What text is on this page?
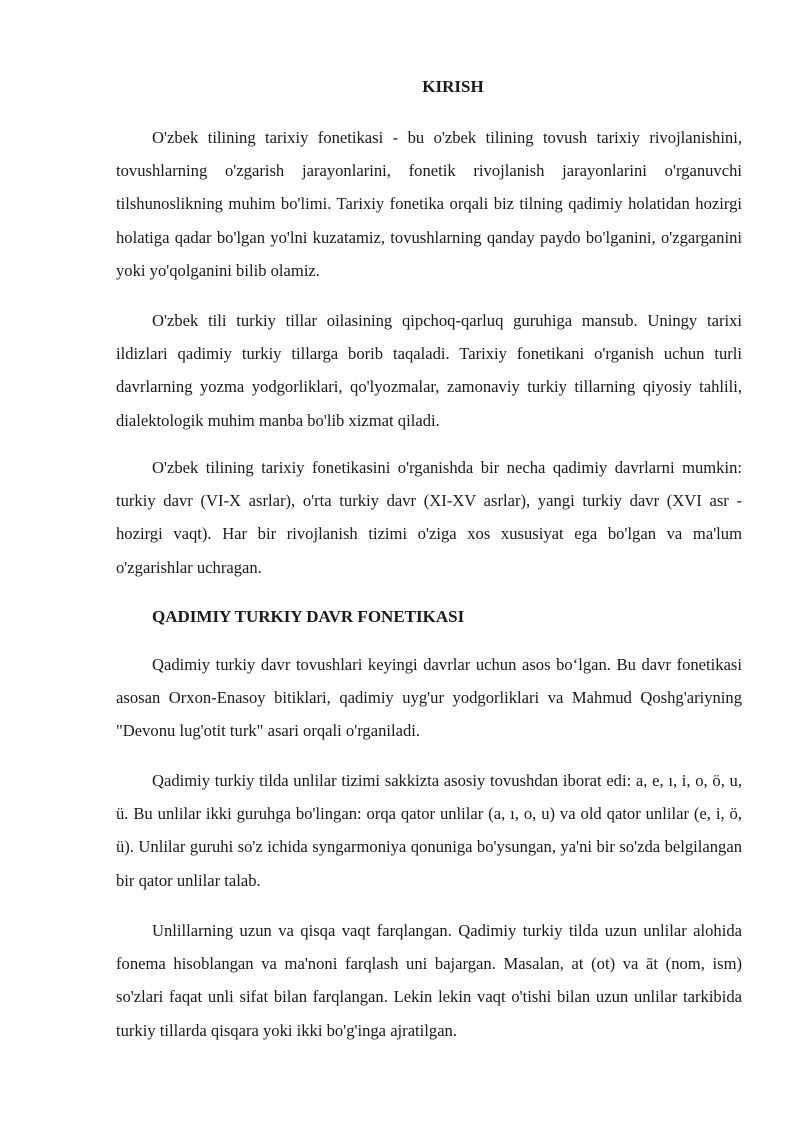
KIRISH

O'zbek tilining tarixiy fonetikasi - bu o'zbek tilining tovush tarixiy rivojlanishini, tovushlarning o'zgarish jarayonlarini, fonetik rivojlanish jarayonlarini o'rganuvchi tilshunoslikning muhim bo'limi. Tarixiy fonetika orqali biz tilning qadimiy holatidan hozirgi holatiga qadar bo'lgan yo'lni kuzatamiz, tovushlarning qanday paydo bo'lganini, o'zgarganini yoki yo'qolganini bilib olamiz.

O'zbek tili turkiy tillar oilasining qipchoq-qarluq guruhiga mansub. Uningy tarixi ildizlari qadimiy turkiy tillarga borib taqaladi. Tarixiy fonetikani o'rganish uchun turli davrlarning yozma yodgorliklari, qo'lyozmalar, zamonaviy turkiy tillarning qiyosiy tahlili, dialektologik muhim manba bo'lib xizmat qiladi.

O'zbek tilining tarixiy fonetikasini o'rganishda bir necha qadimiy davrlarni mumkin: turkiy davr (VI-X asrlar), o'rta turkiy davr (XI-XV asrlar), yangi turkiy davr (XVI asr - hozirgi vaqt). Har bir rivojlanish tizimi o'ziga xos xususiyat ega bo'lgan va ma'lum o'zgarishlar uchragan.

QADIMIY TURKIY DAVR FONETIKASI

Qadimiy turkiy davr tovushlari keyingi davrlar uchun asos bo‘lgan. Bu davr fonetikasi asosan Orxon-Enasoy bitiklari, qadimiy uyg'ur yodgorliklari va Mahmud Qoshg'ariyning "Devonu lug'otit turk" asari orqali o'rganiladi.

Qadimiy turkiy tilda unlilar tizimi sakkizta asosiy tovushdan iborat edi: a, e, ı, i, o, ö, u, ü. Bu unlilar ikki guruhga bo'lingan: orqa qator unlilar (a, ı, o, u) va old qator unlilar (e, i, ö, ü). Unlilar guruhi so'z ichida syngarmoniya qonuniga bo'ysungan, ya'ni bir so'zda belgilangan bir qator unlilar talab.

Unlillarning uzun va qisqa vaqt farqlangan. Qadimiy turkiy tilda uzun unlilar alohida fonema hisoblangan va ma'noni farqlash uni bajargan. Masalan, at (ot) va āt (nom, ism) so'zlari faqat unli sifat bilan farqlangan. Lekin lekin vaqt o'tishi bilan uzun unlilar tarkibida turkiy tillarda qisqara yoki ikki bo'g'inga ajratilgan.
